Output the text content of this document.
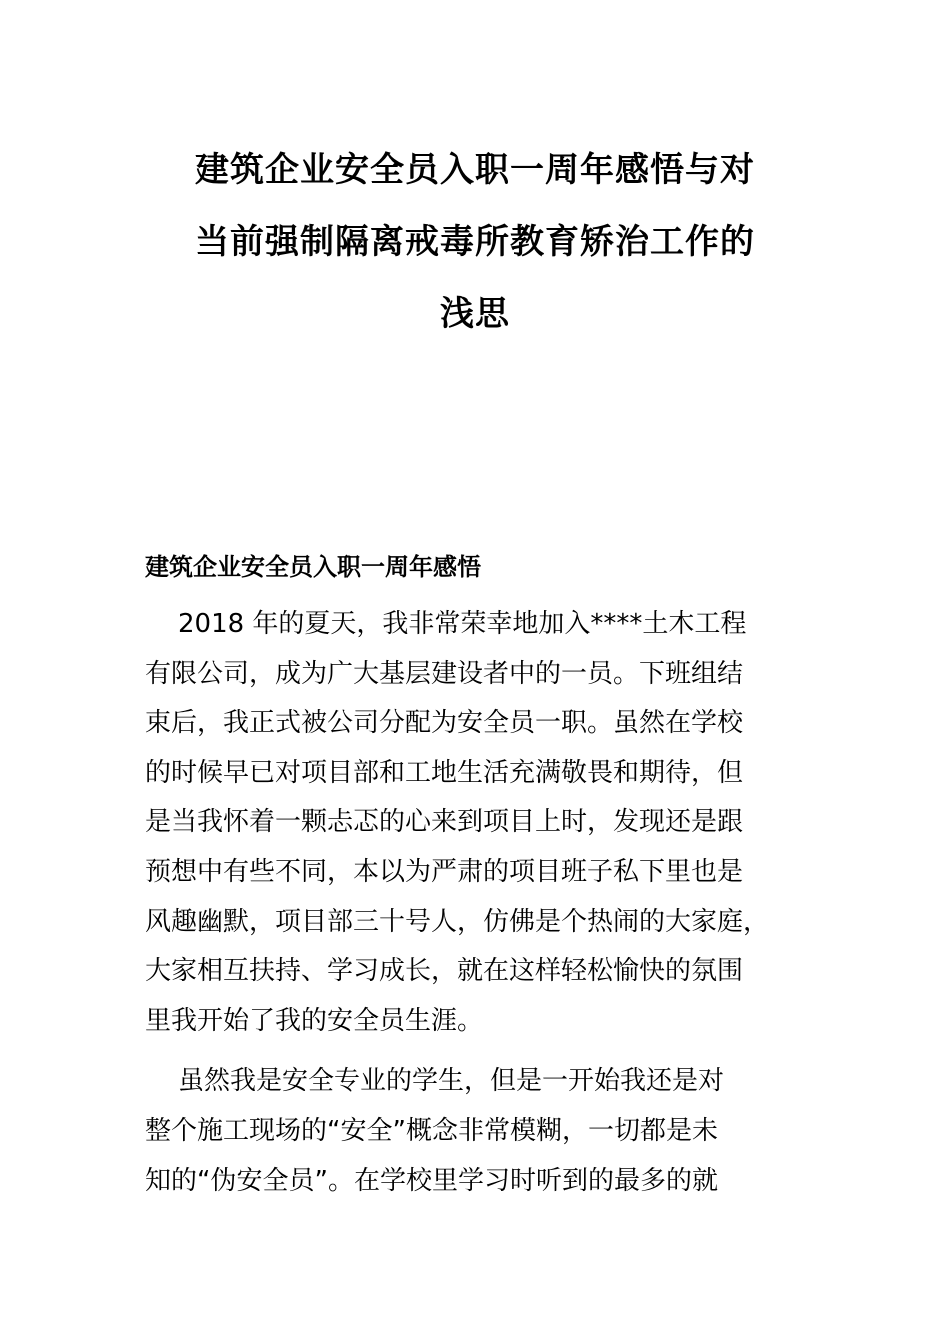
建筑企业安全员入职一周年感悟与对
当前强制隔离戒毒所教育矫治工作的
浅思
建筑企业安全员入职一周年感悟

2018 年的夏天，我非常荣幸地加入****土木工程
有限公司，成为广大基层建设者中的一员。下班组结
束后，我正式被公司分配为安全员一职。虽然在学校
的时候早已对项目部和工地生活充满敬畏和期待，但
是当我怀着一颗忐忑的心来到项目上时，发现还是跟
预想中有些不同，本以为严肃的项目班子私下里也是
风趣幽默，项目部三十号人，仿佛是个热闹的大家庭，
大家相互扶持、学习成长，就在这样轻松愉快的氛围
里我开始了我的安全员生涯。

虽然我是安全专业的学生，但是一开始我还是对
整个施工现场的“安全”概念非常模糊，一切都是未
知的“伪安全员”。在学校里学习时听到的最多的就
